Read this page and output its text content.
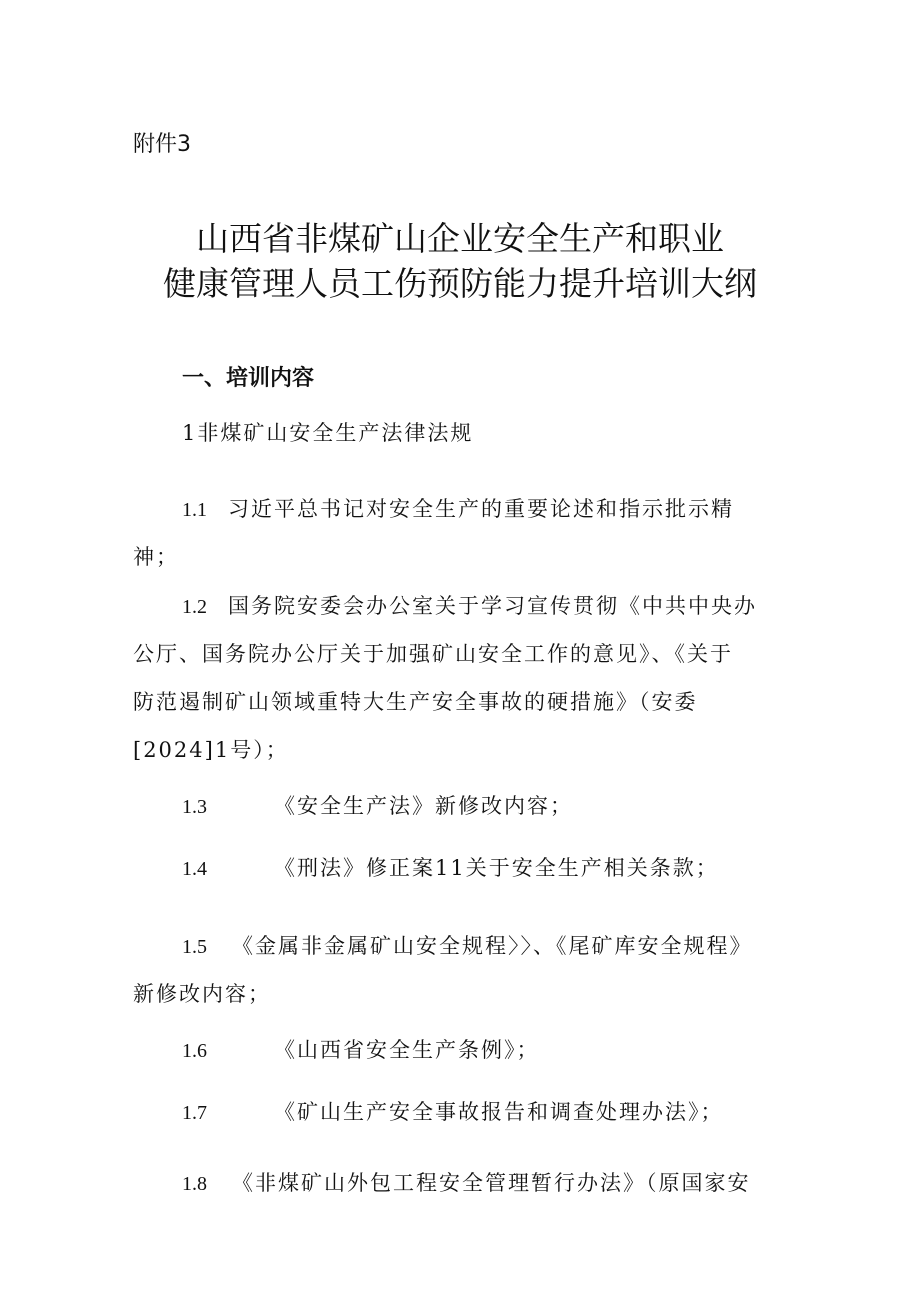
附件3
山西省非煤矿山企业安全生产和职业
健康管理人员工伤预防能力提升培训大纲
一、培训内容
1非煤矿山安全生产法律法规
1.1 习近平总书记对安全生产的重要论述和指示批示精
神；
1.2 国务院安委会办公室关于学习宣传贯彻《中共中央办
公厅、国务院办公厅关于加强矿山安全工作的意见》、《关于
防范遏制矿山领域重特大生产安全事故的硬措施》（安委
[2024]1号）；
1.3	《安全生产法》新修改内容；
1.4	《刑法》修正案11关于安全生产相关条款；
1.5 《金属非金属矿山安全规程〉〉、《尾矿库安全规程》
新修改内容；
1.6	《山西省安全生产条例》；
1.7	《矿山生产安全事故报告和调查处理办法》；
1.8 《非煤矿山外包工程安全管理暂行办法》（原国家安
